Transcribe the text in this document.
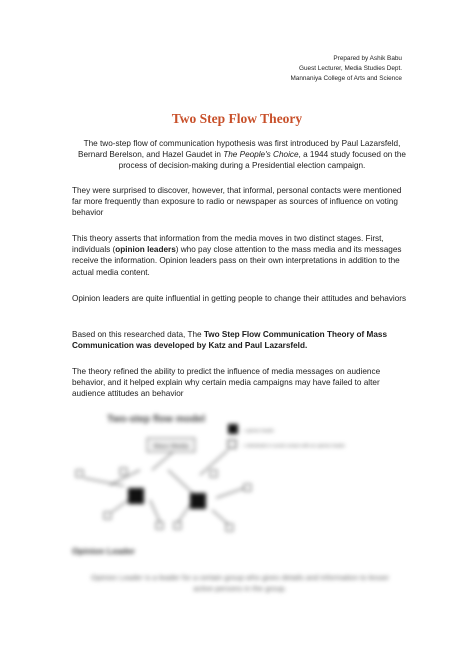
Prepared by Ashik Babu
Guest Lecturer, Media Studies Dept.
Mannaniya College of Arts and Science
Two Step Flow Theory
The two-step flow of communication hypothesis was first introduced by Paul Lazarsfeld, Bernard Berelson, and Hazel Gaudet in The People's Choice, a 1944 study focused on the process of decision-making during a Presidential election campaign.
They were surprised to discover, however, that informal, personal contacts were mentioned far more frequently than exposure to radio or newspaper as sources of influence on voting behavior
This theory asserts that information from the media moves in two distinct stages. First, individuals (opinion leaders) who pay close attention to the mass media and its messages receive the information. Opinion leaders pass on their own interpretations in addition to the actual media content.
Opinion leaders are quite influential in getting people to change their attitudes and behaviors
Based on this researched data, The Two Step Flow Communication Theory of Mass Communication was developed by Katz and Paul Lazarsfeld.
The theory refined the ability to predict the influence of media messages on audience behavior, and it helped explain why certain media campaigns may have failed to alter audience attitudes an behavior
Two-step flow model
Mass Media
= opinion leader
= individuals in social contact with an opinion leader
Opinion Leader
Opinion Leader is a leader for a certain group who gives details and information to lesser active persons in the group.
